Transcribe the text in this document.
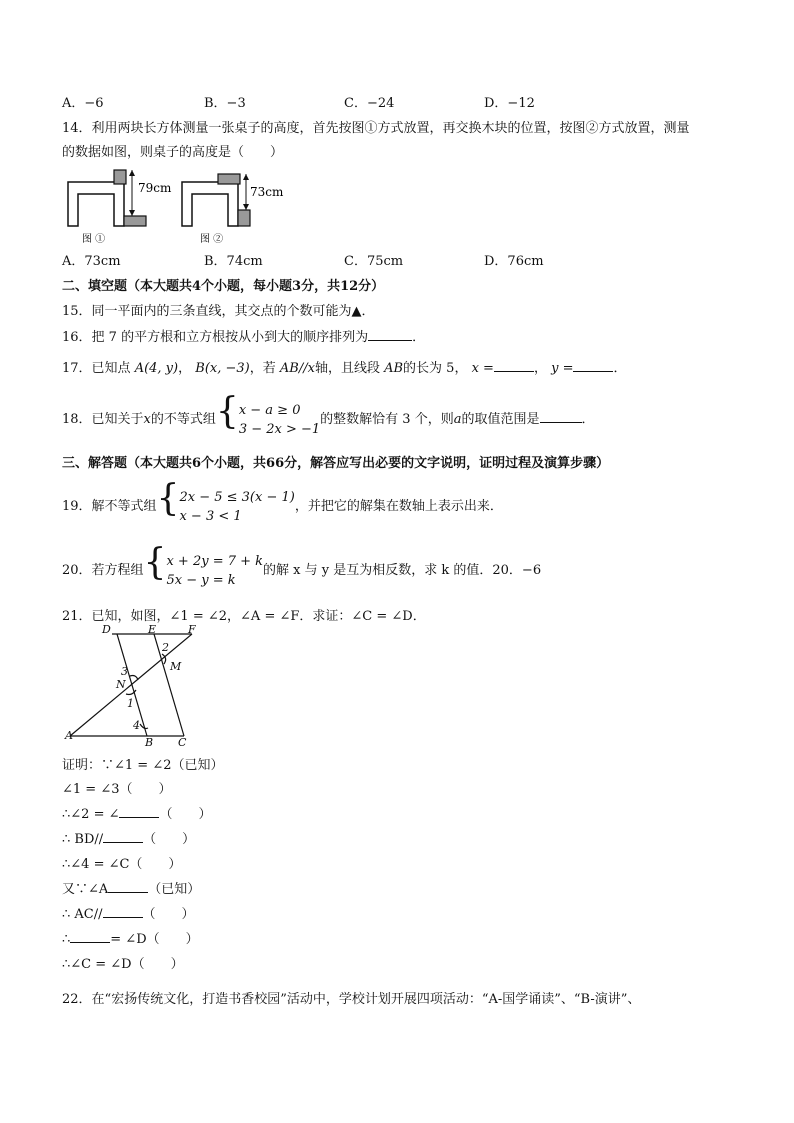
A．−6	B．−3	C．−24	D．−12
14．利用两块长方体测量一张桌子的高度，首先按图①方式放置，再交换木块的位置，按图②方式放置，测量
的数据如图，则桌子的高度是（　　）
79cm
图 ①
73cm
图 ②
A．73cm	B．74cm	C．75cm	D．76cm
二、填空题（本大题共4个小题，每小题3分，共12分）
15．同一平面内的三条直线，其交点的个数可能为▲．
16．把 7 的平方根和立方根按从小到大的顺序排列为	．
17．已知点 A(4, y)， B(x, −3)，若 AB//x轴，且线段 AB的长为 5， x =	， y =	．
18．已知关于x的不等式组{x − a ≥ 0
3 − 2x > −1的整数解恰有 3 个，则a的取值范围是	．
三、解答题（本大题共6个小题，共66分，解答应写出必要的文字说明，证明过程及演算步骤）
19．解不等式组{2x − 5 ≤ 3(x − 1)
x − 3 < 1，并把它的解集在数轴上表示出来．
20．若方程组{x + 2y = 7 + k
5x − y = k的解 x 与 y 是互为相反数，求 k 的值．20．−6
21．已知，如图，∠1 = ∠2，∠A = ∠F．求证：∠C = ∠D．
D	E	F
2
M
3
N
1
4
A
B C
证明：∵∠1 = ∠2（已知）
∠1 = ∠3（　　）
∴∠2 = ∠	（　　）
∴ BD//	（　　）
∴∠4 = ∠C（　　）
又∵∠A	（已知）
∴ AC//	（　　）
∴	= ∠D（　　）
∴∠C = ∠D（　　）
22．在“宏扬传统文化，打造书香校园”活动中，学校计划开展四项活动：“A-国学诵读”、“B-演讲”、
